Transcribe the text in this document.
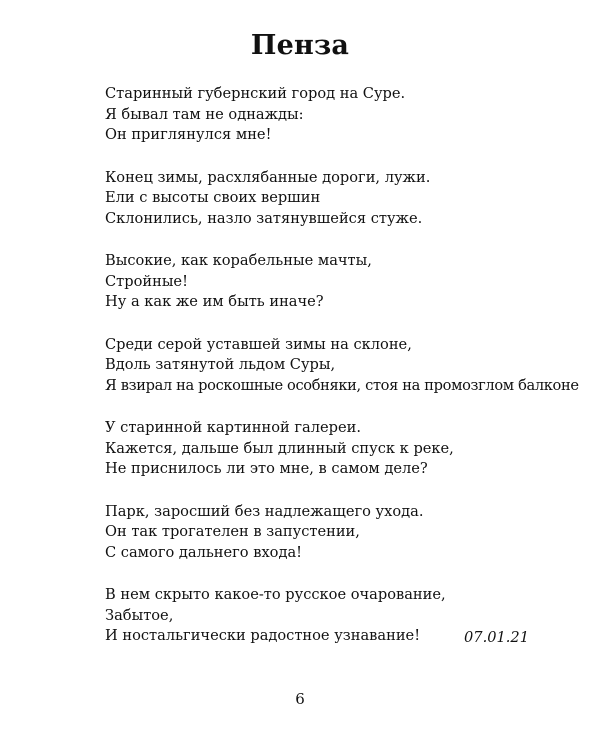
Пенза
Старинный губернский город на Суре.
Я бывал там не однажды:
Он приглянулся мне!
Конец зимы, расхлябанные дороги, лужи.
Ели с высоты своих вершин
Склонились, назло затянувшейся стуже.
Высокие, как корабельные мачты,
Стройные!
Ну а как же им быть иначе?
Среди серой уставшей зимы на склоне,
Вдоль затянутой льдом Суры,
Я взирал на роскошные особняки, стоя на промозглом балконе
У старинной картинной галереи.
Кажется, дальше был длинный спуск к реке,
Не приснилось ли это мне, в самом деле?
Парк, заросший без надлежащего ухода.
Он так трогателен в запустении,
С самого дальнего входа!
В нем скрыто какое-то русское очарование,
Забытое,
И ностальгически радостное узнавание!	07.01.21
6
